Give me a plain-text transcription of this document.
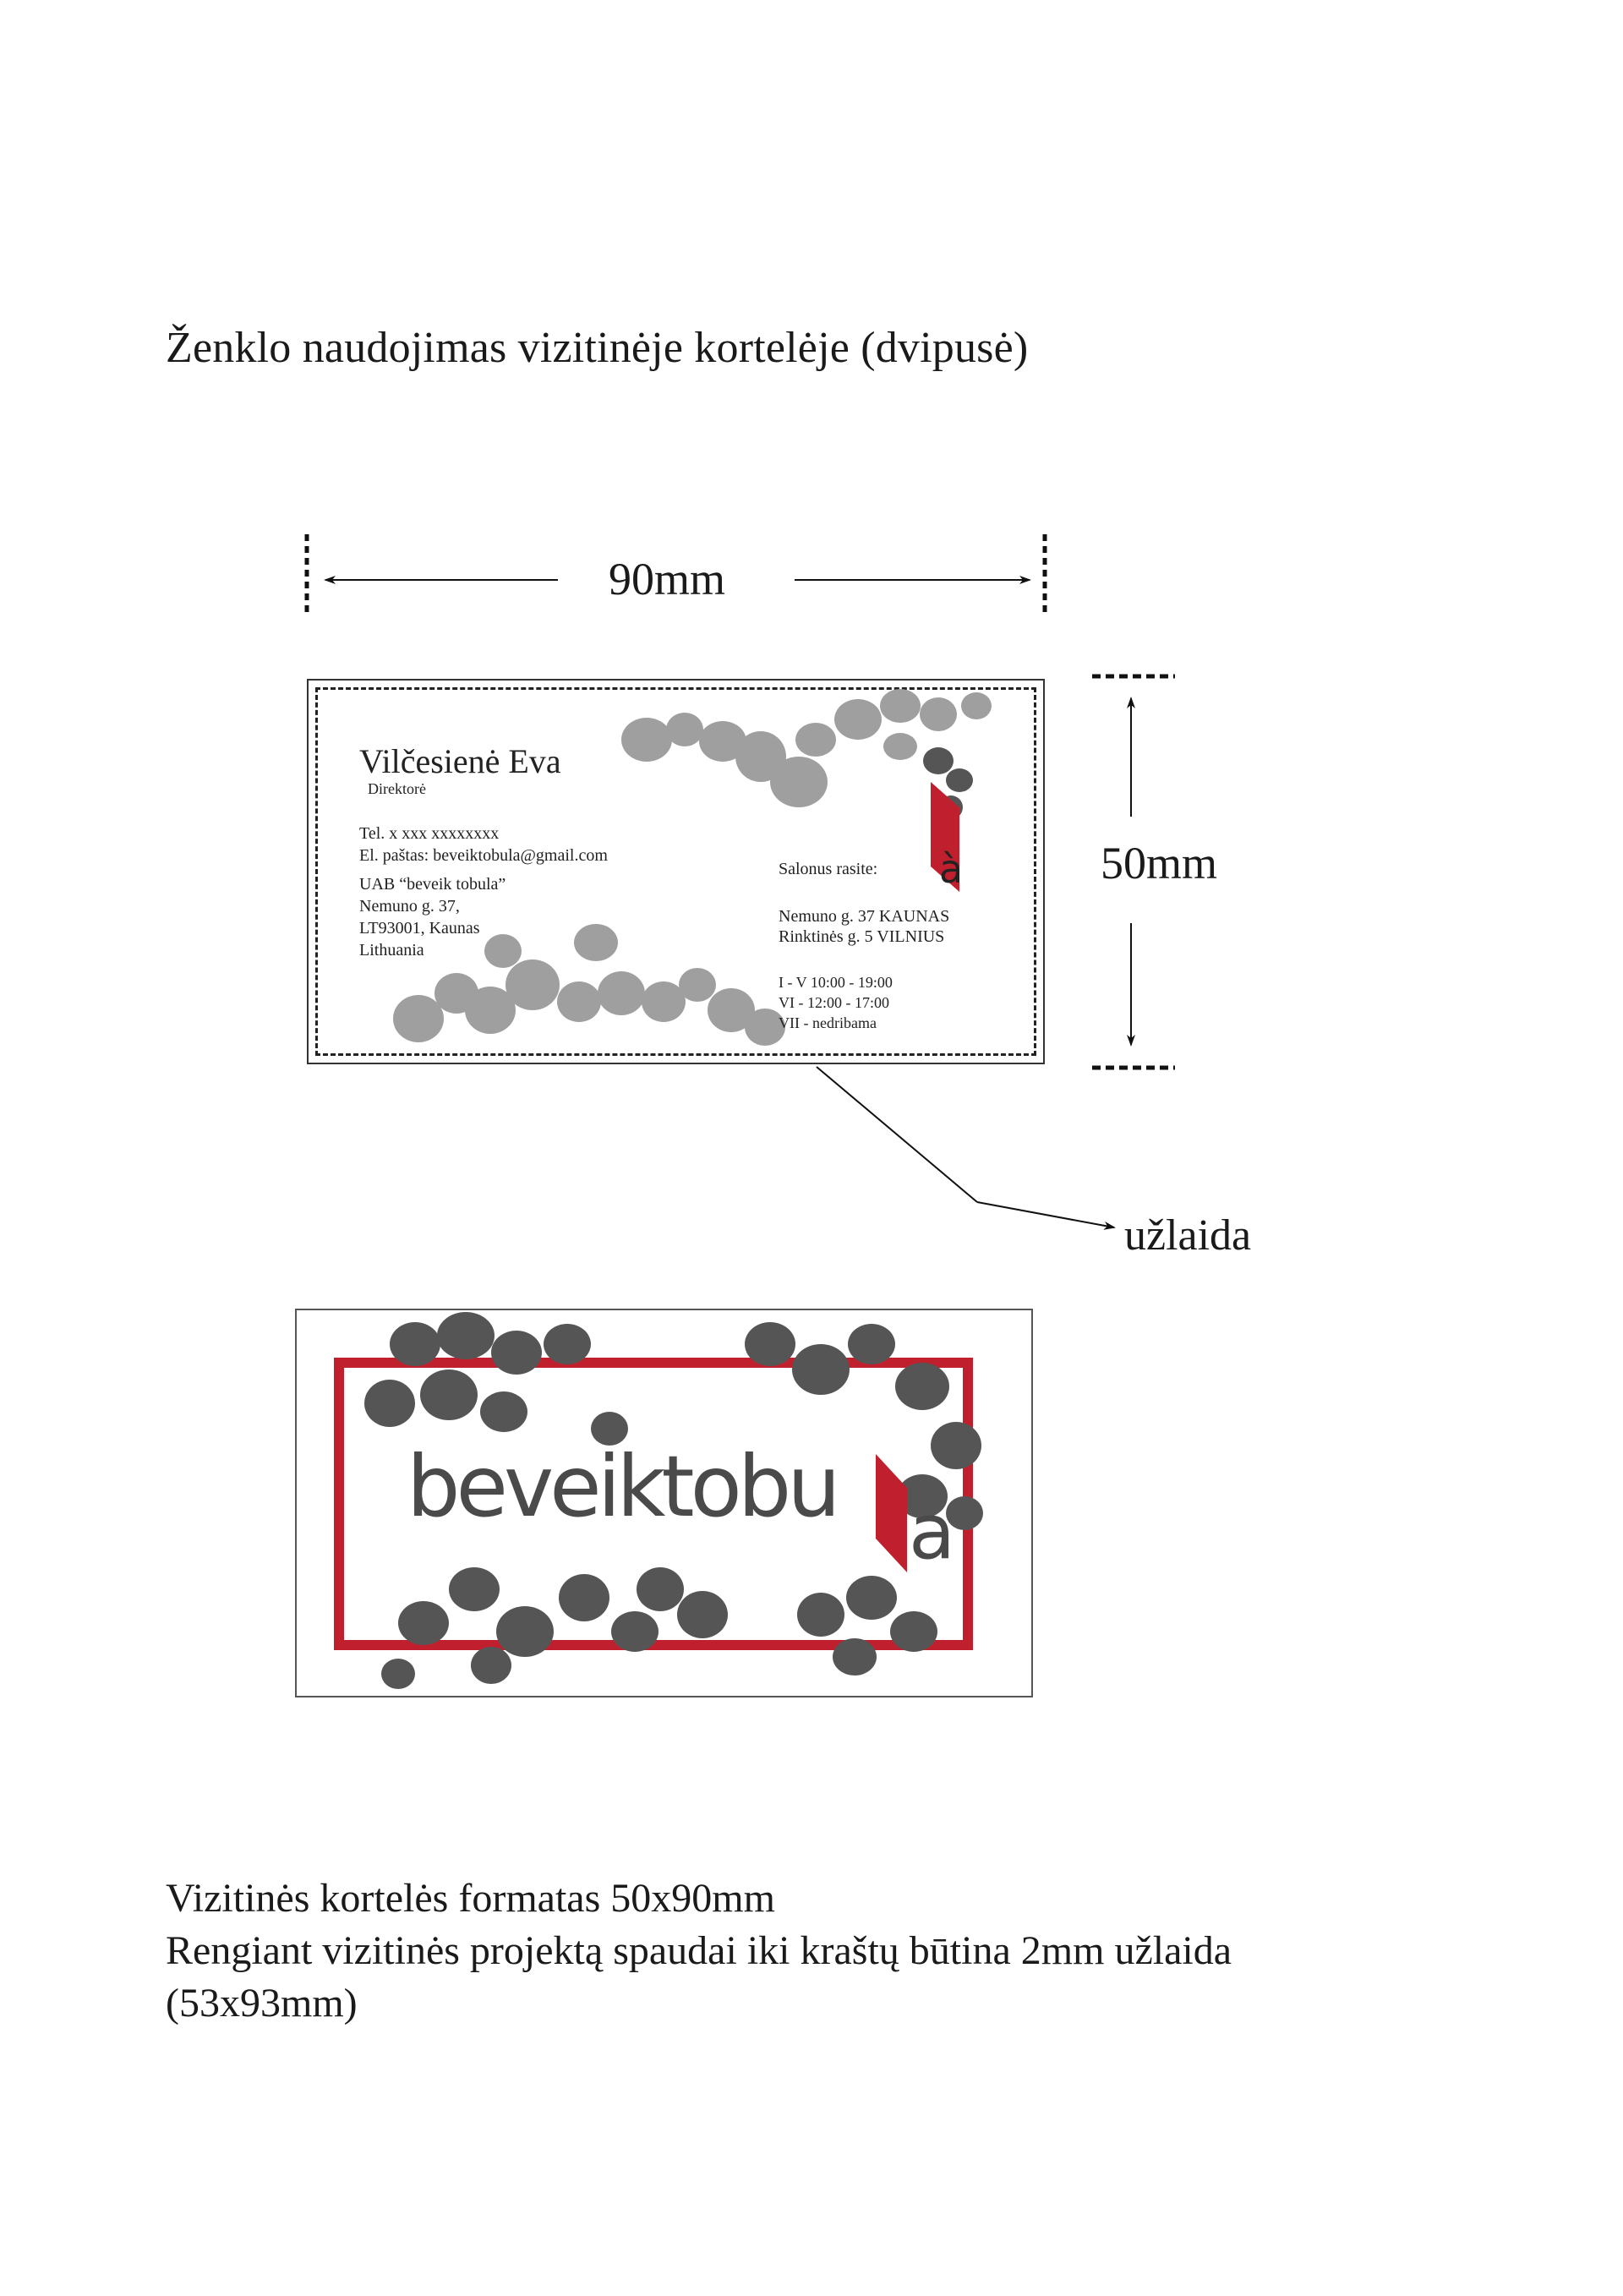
Ženklo naudojimas vizitinėje kortelėje (dvipusė)
90mm
50mm
užlaida
Vilčesienė Eva
Direktorė
Tel. x xxx xxxxxxxx
El. paštas: beveiktobula@gmail.com
UAB “beveik tobula”
Nemuno g. 37,
LT93001, Kaunas
Lithuania
Salonus rasite: à
Nemuno g. 37 KAUNAS
Rinktinės g. 5 VILNIUS
I - V 10:00 - 19:00
VI - 12:00 - 17:00
VII - nedribama
beveiktobu a
Vizitinės kortelės formatas 50x90mm
Rengiant vizitinės projektą spaudai iki kraštų būtina 2mm užlaida
(53x93mm)
